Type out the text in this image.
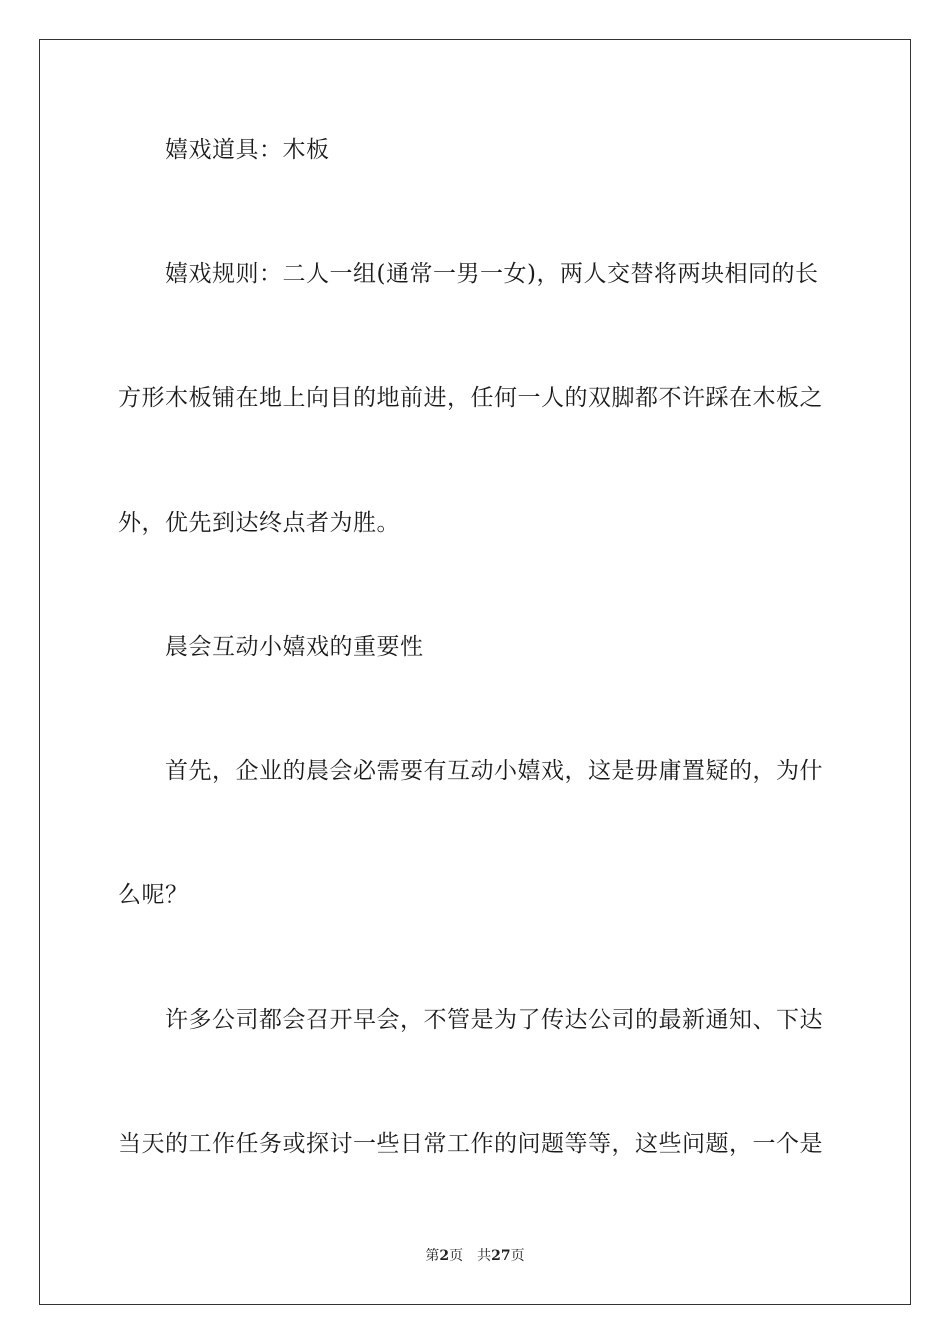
嬉戏道具：木板
嬉戏规则：二人一组(通常一男一女)，两人交替将两块相同的长
方形木板铺在地上向目的地前进，任何一人的双脚都不许踩在木板之
外，优先到达终点者为胜。
晨会互动小嬉戏的重要性
首先，企业的晨会必需要有互动小嬉戏，这是毋庸置疑的，为什
么呢？
许多公司都会召开早会，不管是为了传达公司的最新通知、下达
当天的工作任务或探讨一些日常工作的问题等等，这些问题，一个是
第2页 共27页
